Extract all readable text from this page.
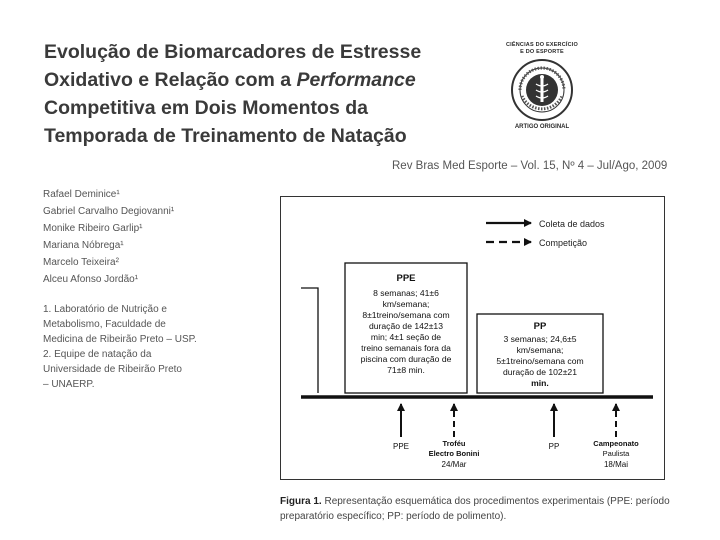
Evolução de Biomarcadores de Estresse
Oxidativo e Relação com a Performance
Competitiva em Dois Momentos da
Temporada de Treinamento de Natação
CIÊNCIAS DO EXERCÍCIO
E DO ESPORTE
ARTIGO ORIGINAL
Rev Bras Med Esporte – Vol. 15, Nº 4 – Jul/Ago, 2009
Rafael Deminice¹
Gabriel Carvalho Degiovanni¹
Monike Ribeiro Garlip¹
Mariana Nóbrega¹
Marcelo Teixeira²
Alceu Afonso Jordão¹
1. Laboratório de Nutrição e
Metabolismo, Faculdade de
Medicina de Ribeirão Preto – USP.
2. Equipe de natação da
Universidade de Ribeirão Preto
– UNAERP.
Coleta de dados
Competição
PPE
8 semanas; 41±6
km/semana;
8±1treino/semana com
duração de 142±13
min; 4±1 seção de
treino semanais fora da
piscina com duração de
71±8 min.
PP
3 semanas; 24,6±5
km/semana;
5±1treino/semana com
duração de 102±21
min.
PPE	Troféu
Electro Bonini
24/Mar
PP	Campeonato
Paulista
18/Mai
Figura 1. Representação esquemática dos procedimentos experimentais (PPE: período preparatório específico; PP: período de polimento).
